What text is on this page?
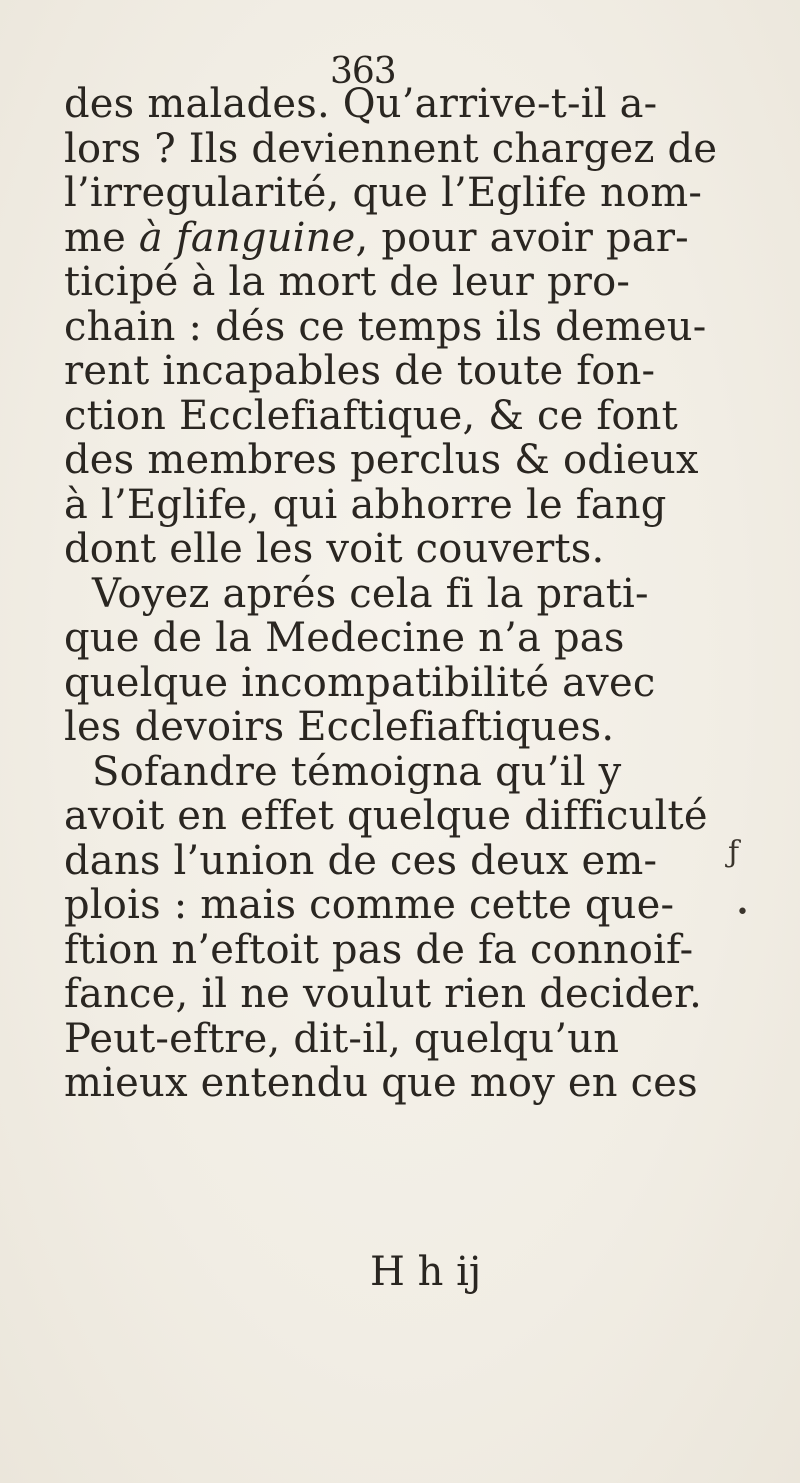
363
des malades. Qu’arrive-t-il a-
lors ? Ils deviennent chargez de
l’irregularité, que l’Eglife nom-
me à fanguine, pour avoir par-
ticipé à la mort de leur pro-
chain : dés ce temps ils demeu-
rent incapables de toute fon-
ction Ecclefiaftique, & ce font
des membres perclus & odieux
à l’Eglife, qui abhorre le fang
dont elle les voit couverts.
Voyez aprés cela fi la prati-
que de la Medecine n’a pas
quelque incompatibilité avec
les devoirs Ecclefiaftiques.
Sofandre témoigna qu’il y
avoit en effet quelque difficulté
dans l’union de ces deux em-
plois : mais comme cette que-
ftion n’eftoit pas de fa connoif-
fance, il ne voulut rien decider.
Peut-eftre, dit-il, quelqu’un
mieux entendu que moy en ces
H h ij
ƒ
•
